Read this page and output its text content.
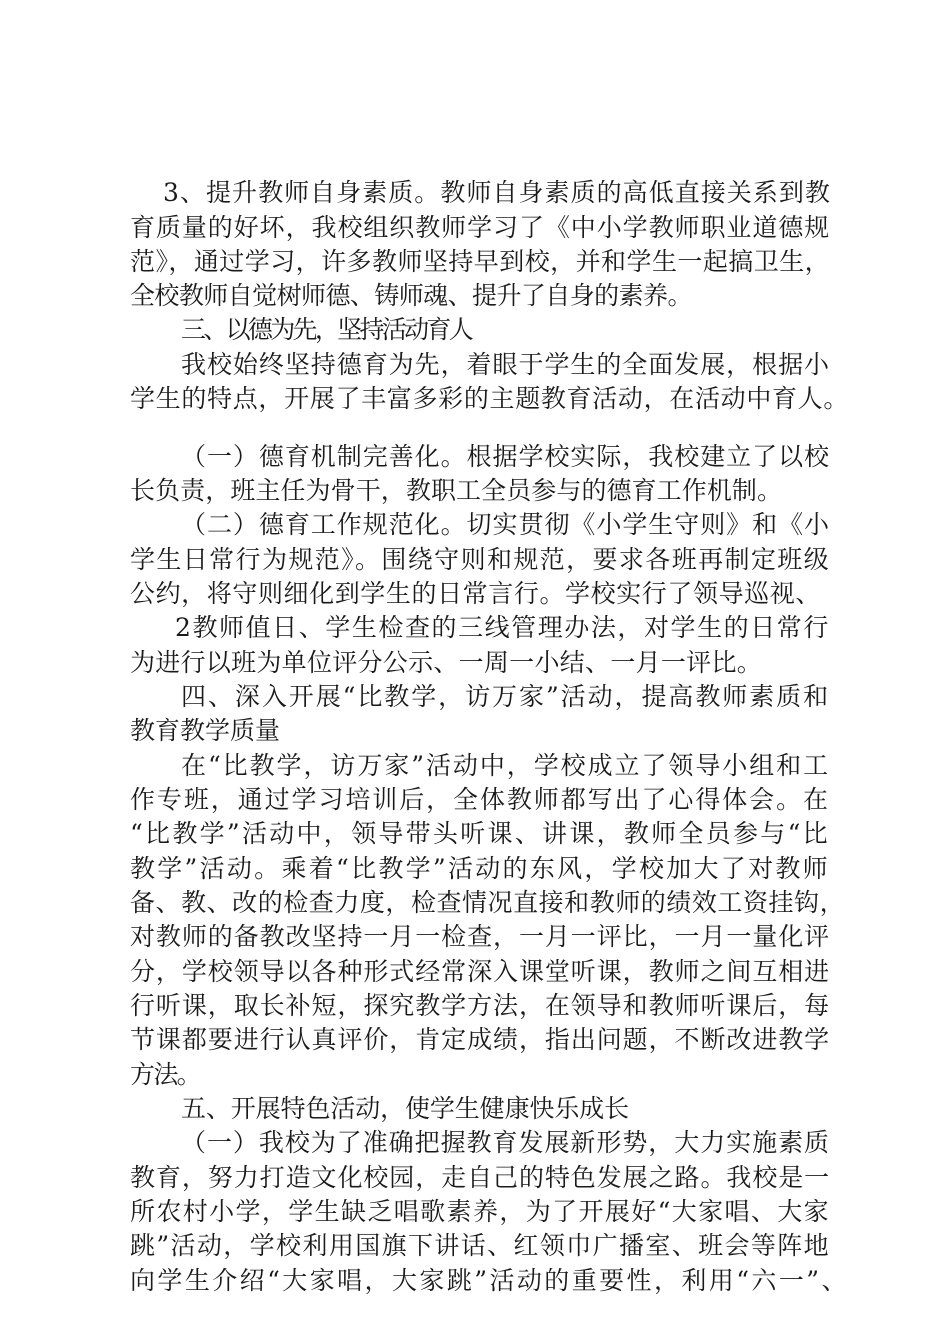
3、提升教师自身素质。教师自身素质的高低直接关系到教

育质量的好坏，我校组织教师学习了《中小学教师职业道德规

范》，通过学习，许多教师坚持早到校，并和学生一起搞卫生，

全校教师自觉树师德、铸师魂、提升了自身的素养。

三、以德为先，坚持活动育人

我校始终坚持德育为先，着眼于学生的全面发展，根据小

学生的特点，开展了丰富多彩的主题教育活动，在活动中育人。

（一）德育机制完善化。根据学校实际，我校建立了以校

长负责，班主任为骨干，教职工全员参与的德育工作机制。

（二）德育工作规范化。切实贯彻《小学生守则》和《小

学生日常行为规范》。围绕守则和规范，要求各班再制定班级

公约，将守则细化到学生的日常言行。学校实行了领导巡视、

2教师值日、学生检查的三线管理办法，对学生的日常行

为进行以班为单位评分公示、一周一小结、一月一评比。

四、深入开展“比教学，访万家”活动，提高教师素质和

教育教学质量

在“比教学，访万家”活动中，学校成立了领导小组和工

作专班，通过学习培训后，全体教师都写出了心得体会。在

“比教学”活动中，领导带头听课、讲课，教师全员参与“比

教学”活动。乘着“比教学”活动的东风，学校加大了对教师

备、教、改的检查力度，检查情况直接和教师的绩效工资挂钩，

对教师的备教改坚持一月一检查，一月一评比，一月一量化评

分，学校领导以各种形式经常深入课堂听课，教师之间互相进

行听课，取长补短，探究教学方法，在领导和教师听课后，每

节课都要进行认真评价，肯定成绩，指出问题，不断改进教学

方法。

五、开展特色活动，使学生健康快乐成长

（一）我校为了准确把握教育发展新形势，大力实施素质

教育，努力打造文化校园，走自己的特色发展之路。我校是一

所农村小学，学生缺乏唱歌素养，为了开展好“大家唱、大家

跳”活动，学校利用国旗下讲话、红领巾广播室、班会等阵地

向学生介绍“大家唱，大家跳”活动的重要性，利用“六一”、
